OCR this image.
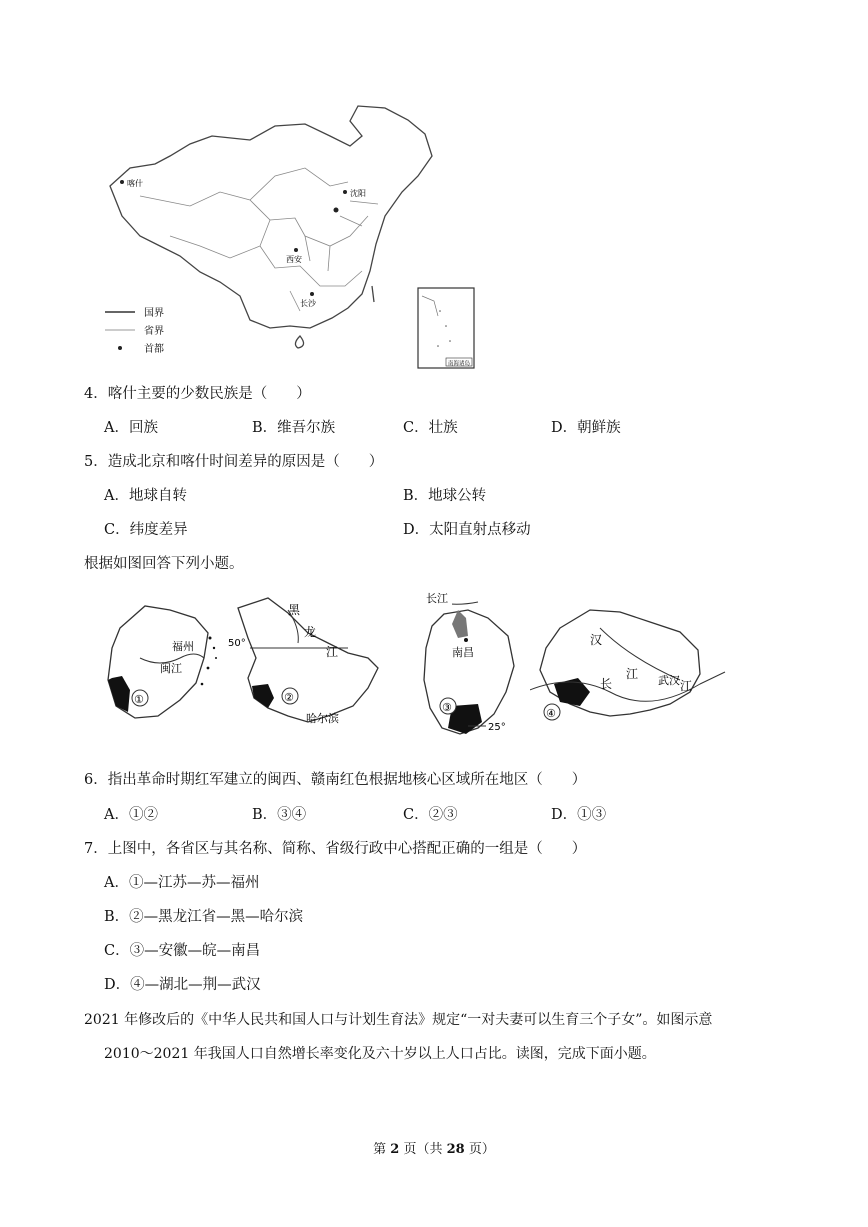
喀什
沈阳
西安
长沙
国界
省界
首都
南海诸岛
4．喀什主要的少数民族是（　　）
A．回族	B．维吾尔族	C．壮族	D．朝鲜族
5．造成北京和喀什时间差异的原因是（　　）
A．地球自转	B．地球公转
C．纬度差异	D．太阳直射点移动
根据如图回答下列小题。
①
福州
闽江
②
50°
黑
龙
江
哈尔滨
③
长江
南昌
25°
④
汉
江
长	江
武汉
6．指出革命时期红军建立的闽西、赣南红色根据地核心区域所在地区（　　）
A．①②	B．③④	C．②③	D．①③
7．上图中，各省区与其名称、简称、省级行政中心搭配正确的一组是（　　）
A．①—江苏—苏—福州
B．②—黑龙江省—黑—哈尔滨
C．③—安徽—皖—南昌
D．④—湖北—荆—武汉
2021 年修改后的《中华人民共和国人口与计划生育法》规定“一对夫妻可以生育三个子女”。如图示意
2010～2021 年我国人口自然增长率变化及六十岁以上人口占比。读图，完成下面小题。
第 2 页（共 28 页）
